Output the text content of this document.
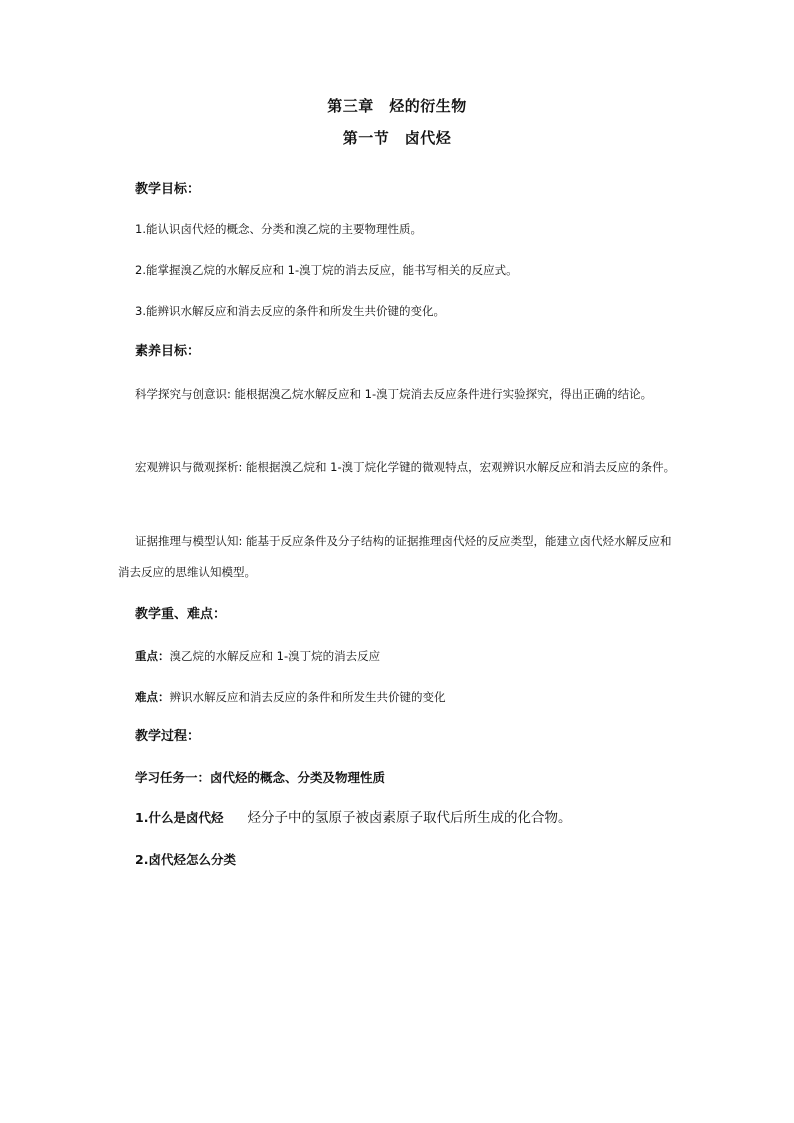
第三章　烃的衍生物
第一节　卤代烃
教学目标：
1.能认识卤代烃的概念、分类和溴乙烷的主要物理性质。
2.能掌握溴乙烷的水解反应和 1-溴丁烷的消去反应，能书写相关的反应式。
3.能辨识水解反应和消去反应的条件和所发生共价键的变化。
素养目标：
科学探究与创意识: 能根据溴乙烷水解反应和 1-溴丁烷消去反应条件进行实验探究，得出正确的结论。
宏观辨识与微观探析: 能根据溴乙烷和 1-溴丁烷化学键的微观特点，宏观辨识水解反应和消去反应的条件。
证据推理与模型认知: 能基于反应条件及分子结构的证据推理卤代烃的反应类型，能建立卤代烃水解反应和消去反应的思维认知模型。
教学重、难点：
重点：溴乙烷的水解反应和 1-溴丁烷的消去反应
难点：辨识水解反应和消去反应的条件和所发生共价键的变化
教学过程：
学习任务一：卤代烃的概念、分类及物理性质
1.什么是卤代烃 烃分子中的氢原子被卤素原子取代后所生成的化合物。
2.卤代烃怎么分类
